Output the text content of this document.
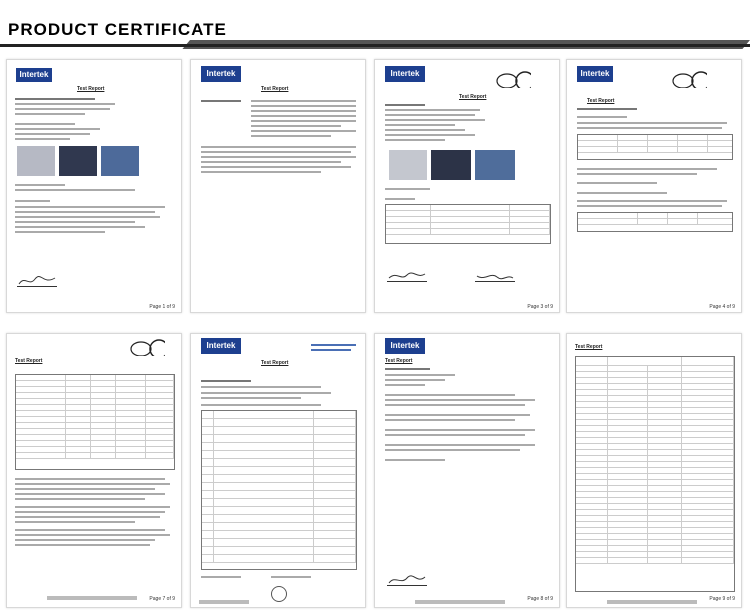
PRODUCT CERTIFICATE
Intertek
Test Report
Page 1 of 9
Intertek
Test Report
Intertek
Test Report
Page 3 of 9
Intertek
Test Report
Page 4 of 9
Test Report
Page 7 of 9
Intertek
Test Report
Intertek
Test Report
Page 8 of 9
Test Report
Page 9 of 9
